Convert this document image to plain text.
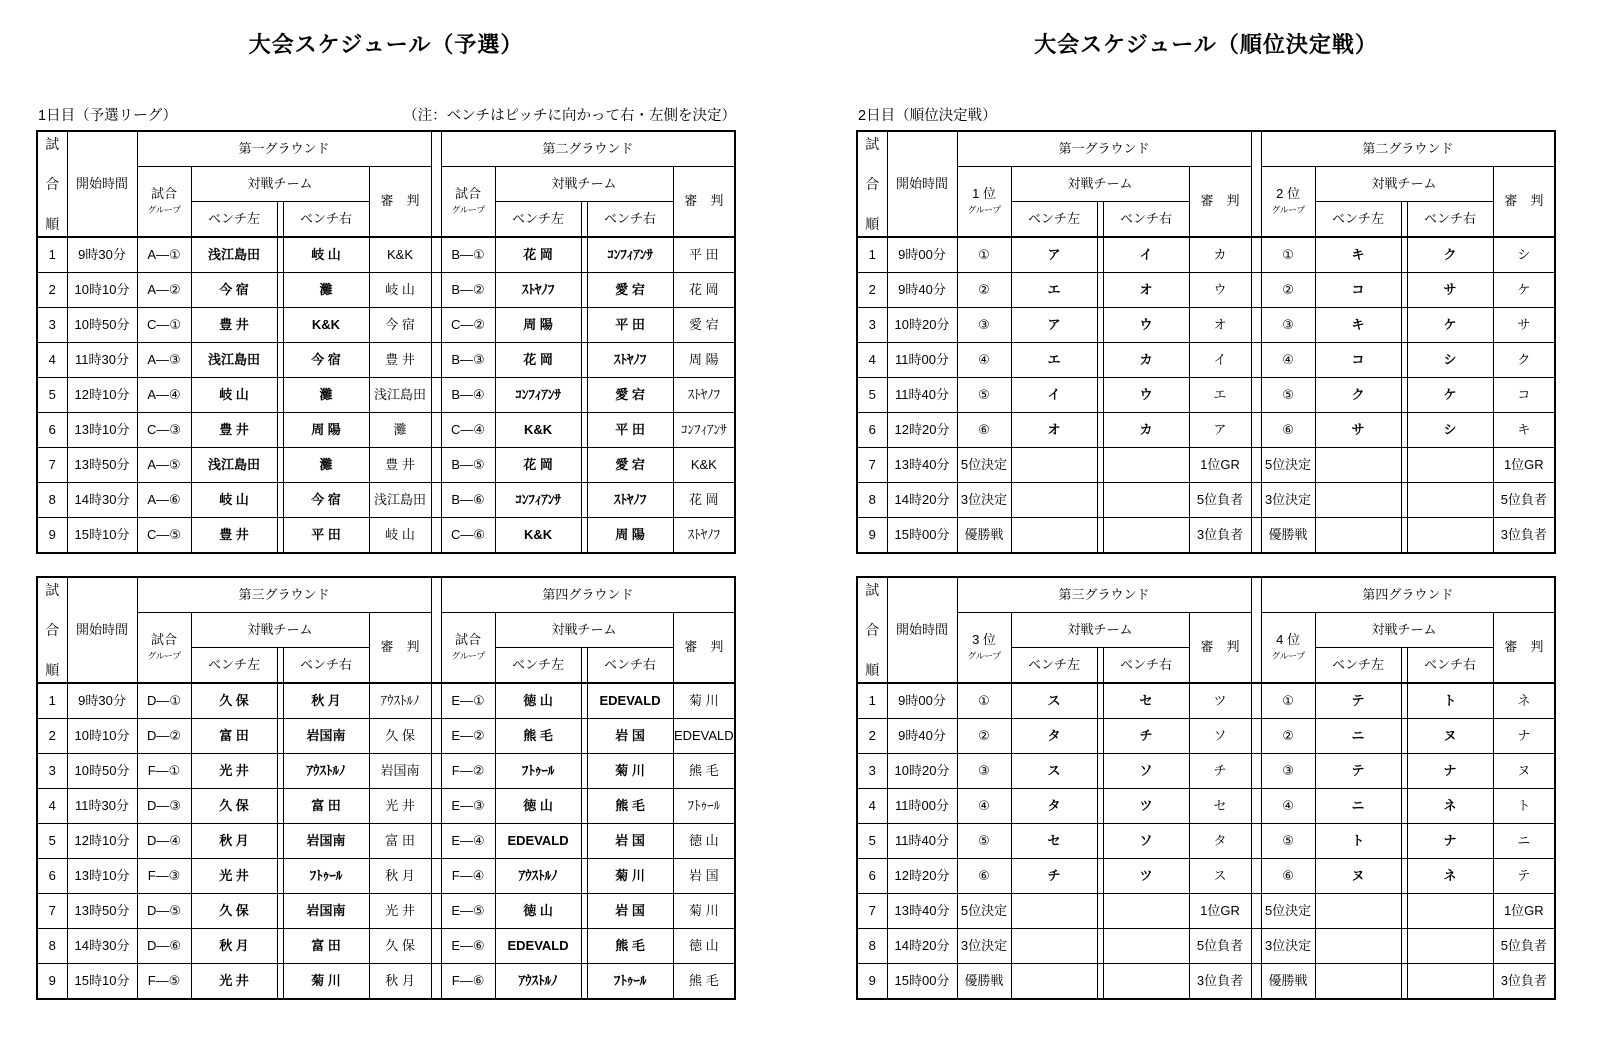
大会スケジュール（予選）
1日目（予選リーグ）	（注：ベンチはピッチに向かって右・左側を決定）
試
合
順	開始時間	第一グラウンド						第二グラウンド				

試合
グループ
	対戦チーム	審　判	試合
グループ
	対戦チーム	審　判
			ベンチ左		ベンチ右				ベンチ左		ベンチ右	
1	9時30分	A—①	浅江島田		岐 山	K&K		B—①	花 岡		ｺﾝﾌｨｱﾝｻ	平 田
2	10時10分	A—②	今 宿		灘	岐 山		B—②	ｽﾄﾔﾉﾌ		愛 宕	花 岡
3	10時50分	C—①	豊 井		K&K	今 宿		C—②	周 陽		平 田	愛 宕
4	11時30分	A—③	浅江島田		今 宿	豊 井		B—③	花 岡		ｽﾄﾔﾉﾌ	周 陽
5	12時10分	A—④	岐 山		灘	浅江島田		B—④	ｺﾝﾌｨｱﾝｻ		愛 宕	ｽﾄﾔﾉﾌ
6	13時10分	C—③	豊 井		周 陽	灘		C—④	K&K		平 田	ｺﾝﾌｨｱﾝｻ
7	13時50分	A—⑤	浅江島田		灘	豊 井		B—⑤	花 岡		愛 宕	K&K
8	14時30分	A—⑥	岐 山		今 宿	浅江島田		B—⑥	ｺﾝﾌｨｱﾝｻ		ｽﾄﾔﾉﾌ	花 岡
9	15時10分	C—⑤	豊 井		平 田	岐 山		C—⑥	K&K		周 陽	ｽﾄﾔﾉﾌ
試
合
順	開始時間	第三グラウンド						第四グラウンド				

試合
グループ
	対戦チーム	審　判	試合
グループ
	対戦チーム	審　判
			ベンチ左		ベンチ右				ベンチ左		ベンチ右	
1	9時30分	D—①	久 保		秋 月	ｱｳｽﾄﾙﾉ		E—①	徳 山		EDEVALD	菊 川
2	10時10分	D—②	富 田		岩国南	久 保		E—②	熊 毛		岩 国	EDEVALD
3	10時50分	F—①	光 井		ｱｳｽﾄﾙﾉ	岩国南		F—②	ﾌﾄｩｰﾙ		菊 川	熊 毛
4	11時30分	D—③	久 保		富 田	光 井		E—③	徳 山		熊 毛	ﾌﾄｩｰﾙ
5	12時10分	D—④	秋 月		岩国南	富 田		E—④	EDEVALD		岩 国	徳 山
6	13時10分	F—③	光 井		ﾌﾄｩｰﾙ	秋 月		F—④	ｱｳｽﾄﾙﾉ		菊 川	岩 国
7	13時50分	D—⑤	久 保		岩国南	光 井		E—⑤	徳 山		岩 国	菊 川
8	14時30分	D—⑥	秋 月		富 田	久 保		E—⑥	EDEVALD		熊 毛	徳 山
9	15時10分	F—⑤	光 井		菊 川	秋 月		F—⑥	ｱｳｽﾄﾙﾉ		ﾌﾄｩｰﾙ	熊 毛
大会スケジュール（順位決定戦）
2日目（順位決定戦）
試
合
順	開始時間	第一グラウンド						第二グラウンド				

1 位
グループ
	対戦チーム	審　判	2 位
グループ
	対戦チーム	審　判
			ベンチ左		ベンチ右				ベンチ左		ベンチ右	
1	9時00分	①	ア		イ	カ		①	キ		ク	シ
2	9時40分	②	エ		オ	ウ		②	コ		サ	ケ
3	10時20分	③	ア		ウ	オ		③	キ		ケ	サ
4	11時00分	④	エ		カ	イ		④	コ		シ	ク
5	11時40分	⑤	イ		ウ	エ		⑤	ク		ケ	コ
6	12時20分	⑥	オ		カ	ア		⑥	サ		シ	キ
7	13時40分	5位決定				1位GR		5位決定				1位GR
8	14時20分	3位決定				5位負者		3位決定				5位負者
9	15時00分	優勝戦				3位負者		優勝戦				3位負者
試
合
順	開始時間	第三グラウンド						第四グラウンド				

3 位
グループ
	対戦チーム	審　判	4 位
グループ
	対戦チーム	審　判
			ベンチ左		ベンチ右				ベンチ左		ベンチ右	
1	9時00分	①	ス		セ	ツ		①	テ		ト	ネ
2	9時40分	②	タ		チ	ソ		②	ニ		ヌ	ナ
3	10時20分	③	ス		ソ	チ		③	テ		ナ	ヌ
4	11時00分	④	タ		ツ	セ		④	ニ		ネ	ト
5	11時40分	⑤	セ		ソ	タ		⑤	ト		ナ	ニ
6	12時20分	⑥	チ		ツ	ス		⑥	ヌ		ネ	テ
7	13時40分	5位決定				1位GR		5位決定				1位GR
8	14時20分	3位決定				5位負者		3位決定				5位負者
9	15時00分	優勝戦				3位負者		優勝戦				3位負者
